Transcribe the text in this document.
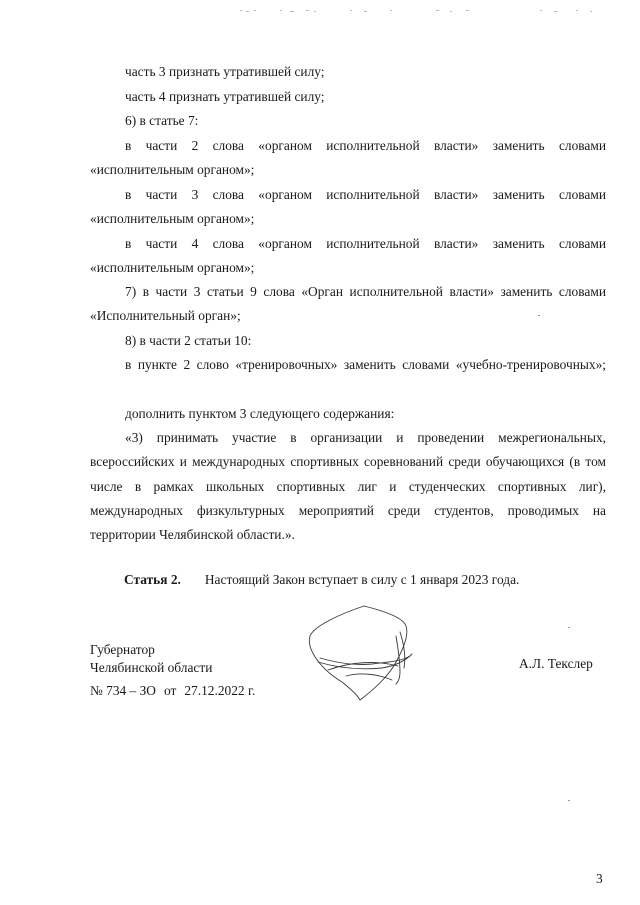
часть 3 признать утратившей силу;
часть 4 признать утратившей силу;
6) в статье 7:
в части 2 слова «органом исполнительной власти» заменить словами «исполнительным органом»;
в части 3 слова «органом исполнительной власти» заменить словами «исполнительным органом»;
в части 4 слова «органом исполнительной власти» заменить словами «исполнительным органом»;
7) в части 3 статьи 9 слова «Орган исполнительной власти» заменить словами «Исполнительный орган»;
8) в части 2 статьи 10:
в пункте 2 слово «тренировочных» заменить словами «учебно-тренировочных»;
дополнить пунктом 3 следующего содержания:
«3) принимать участие в организации и проведении межрегиональных, всероссийских и международных спортивных соревнований среди обучающихся (в том числе в рамках школьных спортивных лиг и студенческих спортивных лиг), международных физкультурных мероприятий среди студентов, проводимых на территории Челябинской области.».
Статья 2. Настоящий Закон вступает в силу с 1 января 2023 года.
Губернатор
Челябинской области	А.Л. Текслер
№ 734 – ЗО от 27.12.2022 г.
3
